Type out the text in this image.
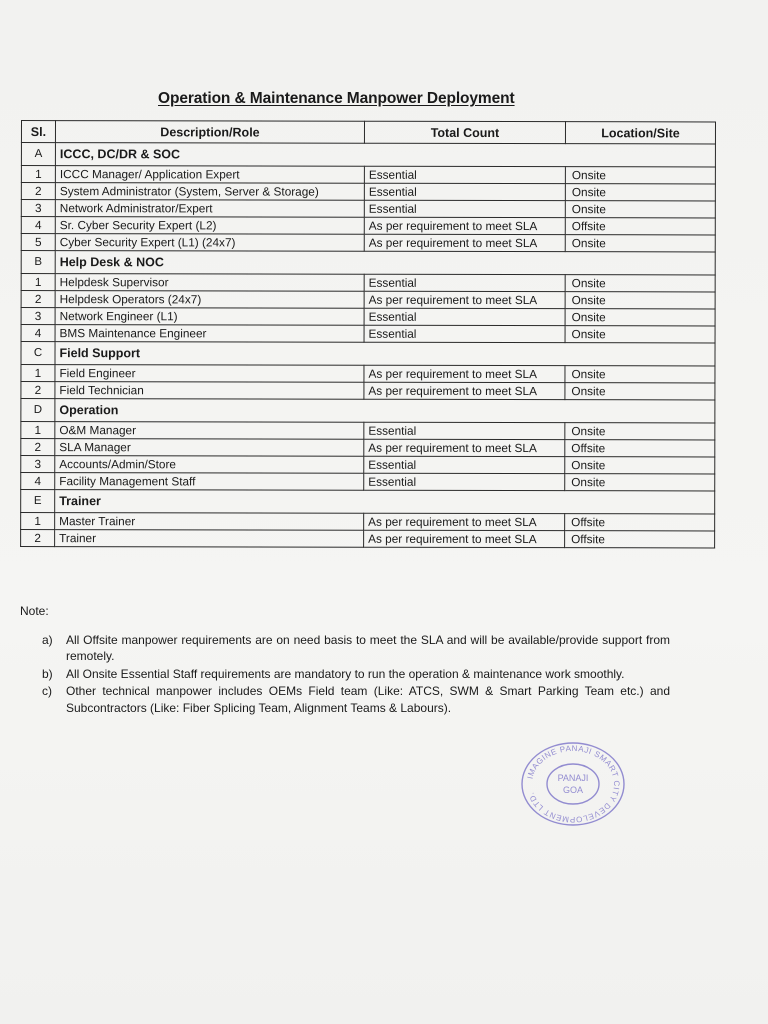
Operation & Maintenance Manpower Deployment
Sl.	Description/Role	Total Count	Location/Site
A	ICCC, DC/DR & SOC		
1	ICCC Manager/ Application Expert	Essential	Onsite
2	System Administrator (System, Server & Storage)	Essential	Onsite
3	Network Administrator/Expert	Essential	Onsite
4	Sr. Cyber Security Expert (L2)	As per requirement to meet SLA	Offsite
5	Cyber Security Expert (L1) (24x7)	As per requirement to meet SLA	Onsite
B	Help Desk & NOC		
1	Helpdesk Supervisor	Essential	Onsite
2	Helpdesk Operators (24x7)	As per requirement to meet SLA	Onsite
3	Network Engineer (L1)	Essential	Onsite
4	BMS Maintenance Engineer	Essential	Onsite
C	Field Support		
1	Field Engineer	As per requirement to meet SLA	Onsite
2	Field Technician	As per requirement to meet SLA	Onsite
D	Operation		
1	O&M Manager	Essential	Onsite
2	SLA Manager	As per requirement to meet SLA	Offsite
3	Accounts/Admin/Store	Essential	Onsite
4	Facility Management Staff	Essential	Onsite
E	Trainer		
1	Master Trainer	As per requirement to meet SLA	Offsite
2	Trainer	As per requirement to meet SLA	Offsite
Note:
a) All Offsite manpower requirements are on need basis to meet the SLA and will be available/provide support from remotely.
b) All Onsite Essential Staff requirements are mandatory to run the operation & maintenance work smoothly.
c) Other technical manpower includes OEMs Field team (Like: ATCS, SWM & Smart Parking Team etc.) and Subcontractors (Like: Fiber Splicing Team, Alignment Teams & Labours).
IMAGINE PANAJI SMART CITY DEVELOPMENT LTD.
PANAJI
GOA
